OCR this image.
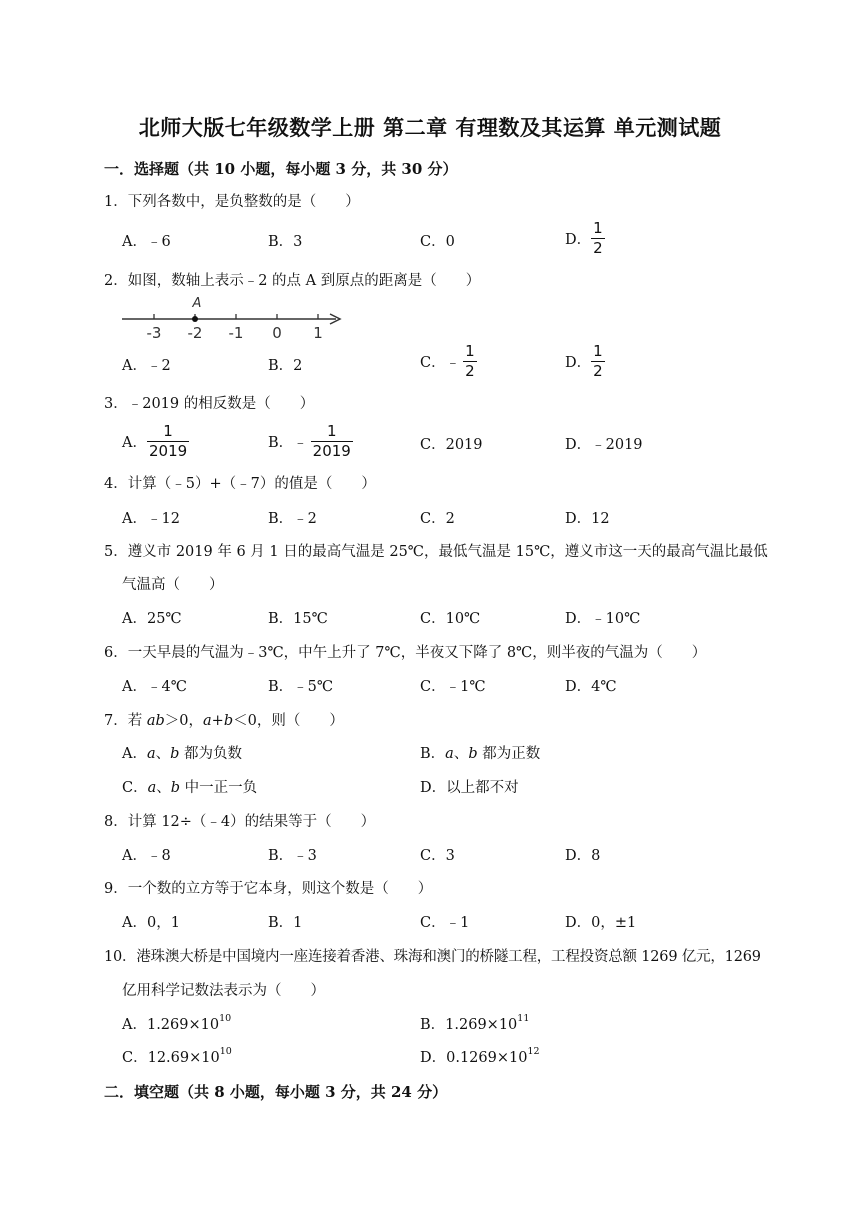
北师大版七年级数学上册 第二章 有理数及其运算 单元测试题
一．选择题（共 10 小题，每小题 3 分，共 30 分）
1．下列各数中，是负整数的是（　　）
A．﹣6	B．3	C．0	D． $\frac{1}{2}$
2．如图，数轴上表示﹣2 的点 A 到原点的距离是（　　）
-3 -2 -1 0 1
A
A．﹣2	B．2	C．﹣ $\frac{1}{2}$	D． $\frac{1}{2}$
3．﹣2019 的相反数是（　　）
A． $\frac{1}{2019}$	B．﹣ $\frac{1}{2019}$	C．2019	D．﹣2019
4．计算（﹣5）+（﹣7）的值是（　　）
A．﹣12	B．﹣2	C．2	D．12
5．遵义市 2019 年 6 月 1 日的最高气温是 25℃，最低气温是 15℃，遵义市这一天的最高气温比最低
气温高（　　）
A．25℃	B．15℃	C．10℃	D．﹣10℃
6．一天早晨的气温为﹣3℃，中午上升了 7℃，半夜又下降了 8℃，则半夜的气温为（　　）
A．﹣4℃	B．﹣5℃	C．﹣1℃	D．4℃
7．若 ab＞0，a+b＜0，则（　　）
A．a、b 都为负数	B．a、b 都为正数
C．a、b 中一正一负	D．以上都不对
8．计算 12÷（﹣4）的结果等于（　　）
A．﹣8	B．﹣3	C．3	D．8
9．一个数的立方等于它本身，则这个数是（　　）
A．0，1	B．1	C．﹣1	D．0，±1
10．港珠澳大桥是中国境内一座连接着香港、珠海和澳门的桥隧工程，工程投资总额 1269 亿元，1269
亿用科学记数法表示为（　　）
A．$1.269\times 10^{10}$	B．$1.269\times 10^{11}$
C．$12.69\times 10^{10}$	D．$0.1269\times 10^{12}$
二．填空题（共 8 小题，每小题 3 分，共 24 分）
